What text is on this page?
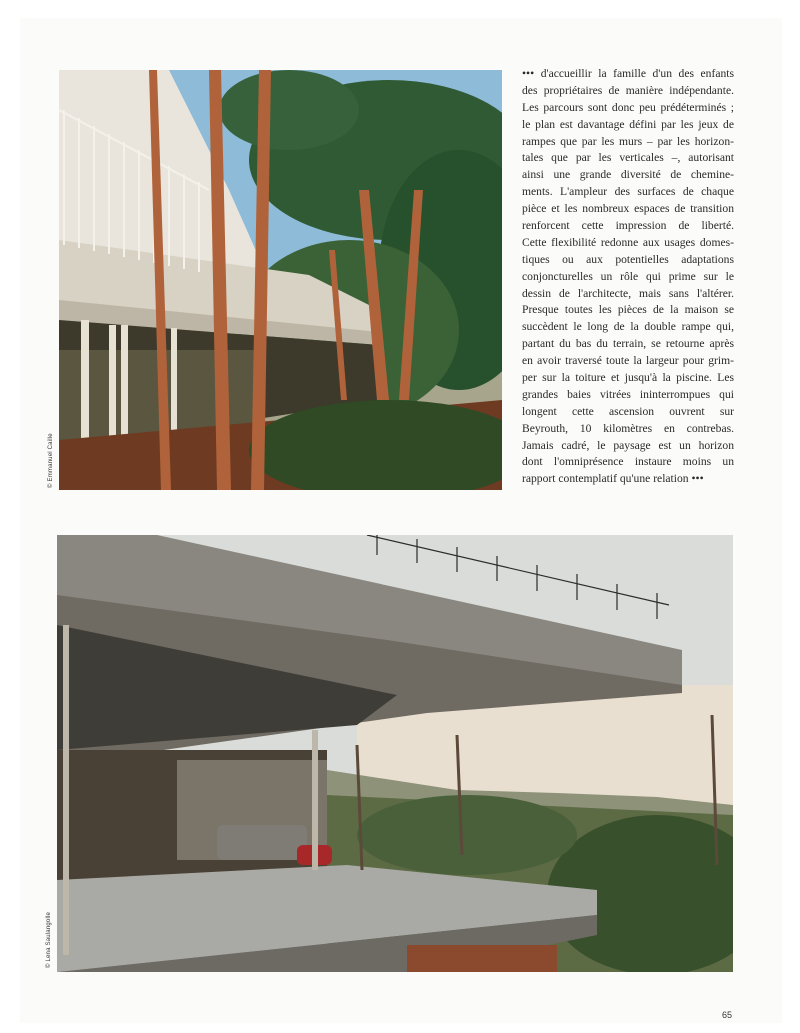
© Emmanuel Caille
••• d'accueillir la famille d'un des enfants
des propriétaires de manière indépendante.
Les parcours sont donc peu prédéterminés ;
le plan est davantage défini par les jeux de
rampes que par les murs – par les horizon-
tales que par les verticales –, autorisant
ainsi une grande diversité de chemine-
ments. L'ampleur des surfaces de chaque
pièce et les nombreux espaces de transition
renforcent cette impression de liberté.
Cette flexibilité redonne aux usages domes-
tiques ou aux potentielles adaptations
conjoncturelles un rôle qui prime sur le
dessin de l'architecte, mais sans l'altérer.
Presque toutes les pièces de la maison se
succèdent le long de la double rampe qui,
partant du bas du terrain, se retourne après
en avoir traversé toute la largeur pour grim-
per sur la toiture et jusqu'à la piscine. Les
grandes baies vitrées ininterrompues qui
longent cette ascension ouvrent sur
Beyrouth, 10 kilomètres en contrebas.
Jamais cadré, le paysage est un horizon
dont l'omniprésence instaure moins un
rapport contemplatif qu'une relation •••
© Lena Saulangolle
65
